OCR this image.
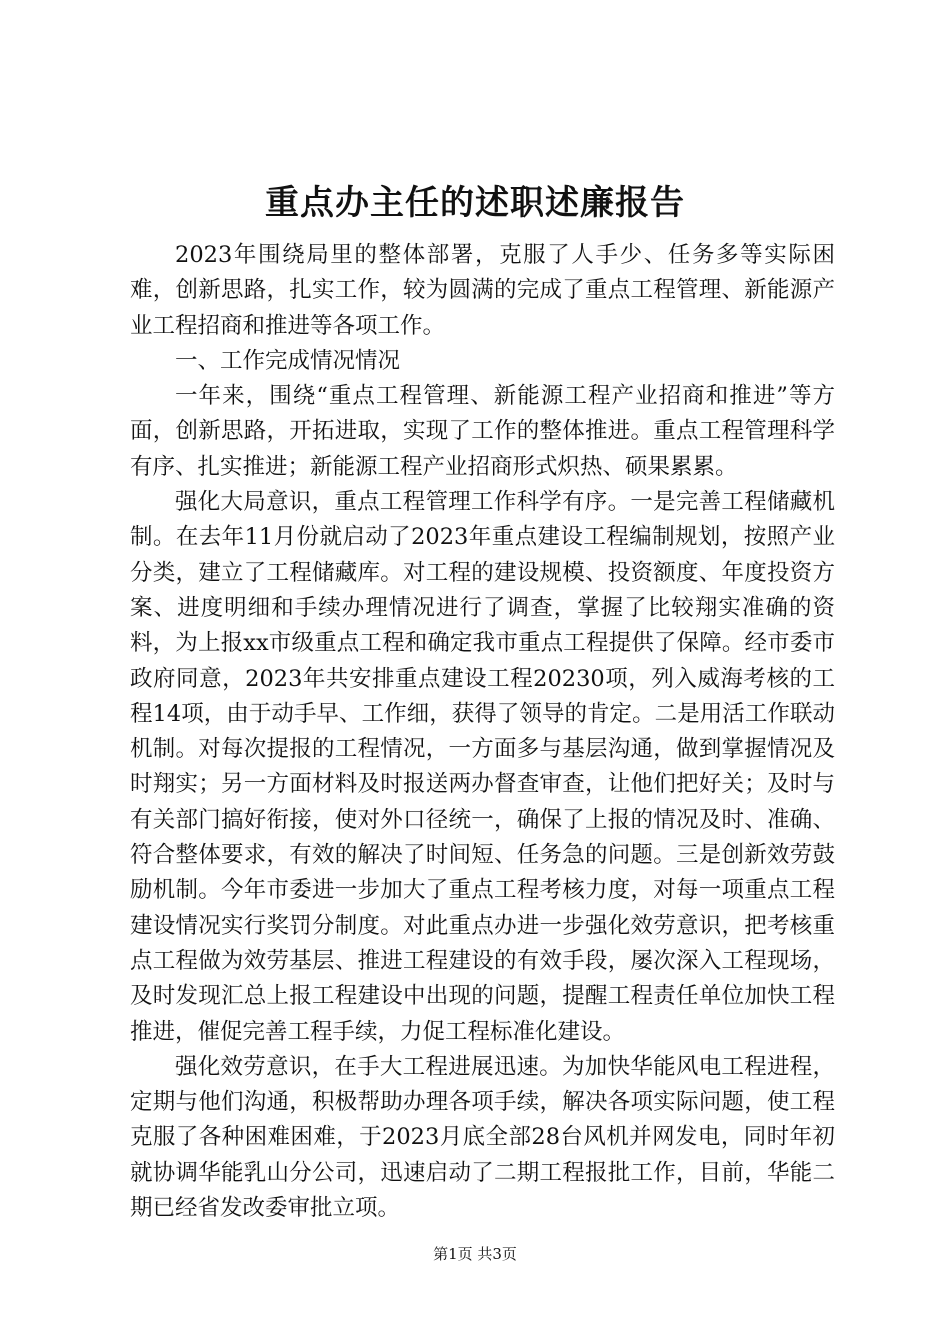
重点办主任的述职述廉报告

2023年围绕局里的整体部署，克服了人手少、任务多等实际困难，创新思路，扎实工作，较为圆满的完成了重点工程管理、新能源产业工程招商和推进等各项工作。

一、工作完成情况情况

一年来，围绕“重点工程管理、新能源工程产业招商和推进”等方面，创新思路，开拓进取，实现了工作的整体推进。重点工程管理科学有序、扎实推进；新能源工程产业招商形式炽热、硕果累累。

强化大局意识，重点工程管理工作科学有序。一是完善工程储藏机制。在去年11月份就启动了2023年重点建设工程编制规划，按照产业分类，建立了工程储藏库。对工程的建设规模、投资额度、年度投资方案、进度明细和手续办理情况进行了调查，掌握了比较翔实准确的资料，为上报xx市级重点工程和确定我市重点工程提供了保障。经市委市政府同意，2023年共安排重点建设工程20230项，列入威海考核的工程14项，由于动手早、工作细，获得了领导的肯定。二是用活工作联动机制。对每次提报的工程情况，一方面多与基层沟通，做到掌握情况及时翔实；另一方面材料及时报送两办督查审查，让他们把好关；及时与有关部门搞好衔接，使对外口径统一，确保了上报的情况及时、准确、符合整体要求，有效的解决了时间短、任务急的问题。三是创新效劳鼓励机制。今年市委进一步加大了重点工程考核力度，对每一项重点工程建设情况实行奖罚分制度。对此重点办进一步强化效劳意识，把考核重点工程做为效劳基层、推进工程建设的有效手段，屡次深入工程现场，及时发现汇总上报工程建设中出现的问题，提醒工程责任单位加快工程推进，催促完善工程手续，力促工程标准化建设。

强化效劳意识，在手大工程进展迅速。为加快华能风电工程进程，定期与他们沟通，积极帮助办理各项手续，解决各项实际问题，使工程克服了各种困难困难，于2023月底全部28台风机并网发电，同时年初就协调华能乳山分公司，迅速启动了二期工程报批工作，目前，华能二期已经省发改委审批立项。

第1页 共3页
